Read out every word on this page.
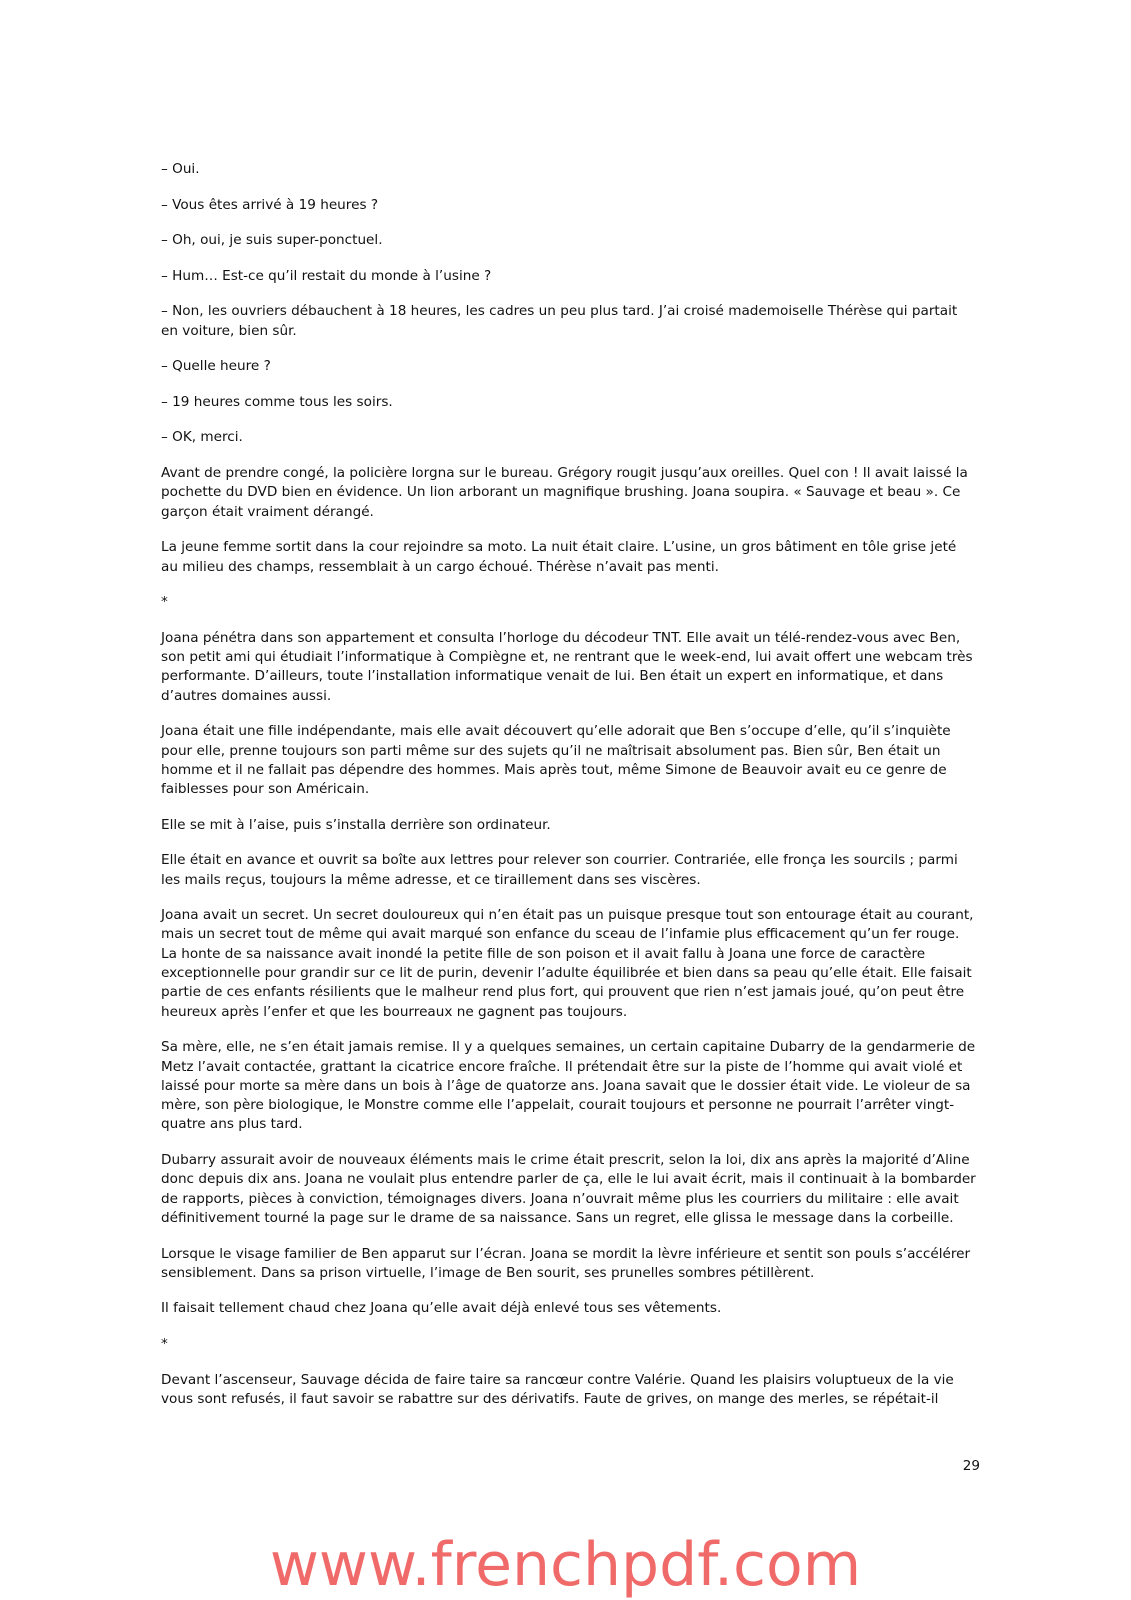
– Oui.

– Vous êtes arrivé à 19 heures ?

– Oh, oui, je suis super-ponctuel.

– Hum… Est-ce qu’il restait du monde à l’usine ?

– Non, les ouvriers débauchent à 18 heures, les cadres un peu plus tard. J’ai croisé mademoiselle Thérèse qui partait en voiture, bien sûr.

– Quelle heure ?

– 19 heures comme tous les soirs.

– OK, merci.

Avant de prendre congé, la policière lorgna sur le bureau. Grégory rougit jusqu’aux oreilles. Quel con ! Il avait laissé la pochette du DVD bien en évidence. Un lion arborant un magnifique brushing. Joana soupira. « Sauvage et beau ». Ce garçon était vraiment dérangé.

La jeune femme sortit dans la cour rejoindre sa moto. La nuit était claire. L’usine, un gros bâtiment en tôle grise jeté au milieu des champs, ressemblait à un cargo échoué. Thérèse n’avait pas menti.

*

Joana pénétra dans son appartement et consulta l’horloge du décodeur TNT. Elle avait un télé-rendez-vous avec Ben, son petit ami qui étudiait l’informatique à Compiègne et, ne rentrant que le week-end, lui avait offert une webcam très performante. D’ailleurs, toute l’installation informatique venait de lui. Ben était un expert en informatique, et dans d’autres domaines aussi.

Joana était une fille indépendante, mais elle avait découvert qu’elle adorait que Ben s’occupe d’elle, qu’il s’inquiète pour elle, prenne toujours son parti même sur des sujets qu’il ne maîtrisait absolument pas. Bien sûr, Ben était un homme et il ne fallait pas dépendre des hommes. Mais après tout, même Simone de Beauvoir avait eu ce genre de faiblesses pour son Américain.

Elle se mit à l’aise, puis s’installa derrière son ordinateur.

Elle était en avance et ouvrit sa boîte aux lettres pour relever son courrier. Contrariée, elle fronça les sourcils ; parmi les mails reçus, toujours la même adresse, et ce tiraillement dans ses viscères.

Joana avait un secret. Un secret douloureux qui n’en était pas un puisque presque tout son entourage était au courant, mais un secret tout de même qui avait marqué son enfance du sceau de l’infamie plus efficacement qu’un fer rouge. La honte de sa naissance avait inondé la petite fille de son poison et il avait fallu à Joana une force de caractère exceptionnelle pour grandir sur ce lit de purin, devenir l’adulte équilibrée et bien dans sa peau qu’elle était. Elle faisait partie de ces enfants résilients que le malheur rend plus fort, qui prouvent que rien n’est jamais joué, qu’on peut être heureux après l’enfer et que les bourreaux ne gagnent pas toujours.

Sa mère, elle, ne s’en était jamais remise. Il y a quelques semaines, un certain capitaine Dubarry de la gendarmerie de Metz l’avait contactée, grattant la cicatrice encore fraîche. Il prétendait être sur la piste de l’homme qui avait violé et laissé pour morte sa mère dans un bois à l’âge de quatorze ans. Joana savait que le dossier était vide. Le violeur de sa mère, son père biologique, le Monstre comme elle l’appelait, courait toujours et personne ne pourrait l’arrêter vingt-quatre ans plus tard.

Dubarry assurait avoir de nouveaux éléments mais le crime était prescrit, selon la loi, dix ans après la majorité d’Aline donc depuis dix ans. Joana ne voulait plus entendre parler de ça, elle le lui avait écrit, mais il continuait à la bombarder de rapports, pièces à conviction, témoignages divers. Joana n’ouvrait même plus les courriers du militaire : elle avait définitivement tourné la page sur le drame de sa naissance. Sans un regret, elle glissa le message dans la corbeille.

Lorsque le visage familier de Ben apparut sur l’écran. Joana se mordit la lèvre inférieure et sentit son pouls s’accélérer sensiblement. Dans sa prison virtuelle, l’image de Ben sourit, ses prunelles sombres pétillèrent.

Il faisait tellement chaud chez Joana qu’elle avait déjà enlevé tous ses vêtements.

*

Devant l’ascenseur, Sauvage décida de faire taire sa rancœur contre Valérie. Quand les plaisirs voluptueux de la vie vous sont refusés, il faut savoir se rabattre sur des dérivatifs. Faute de grives, on mange des merles, se répétait-il

29
www.frenchpdf.com
